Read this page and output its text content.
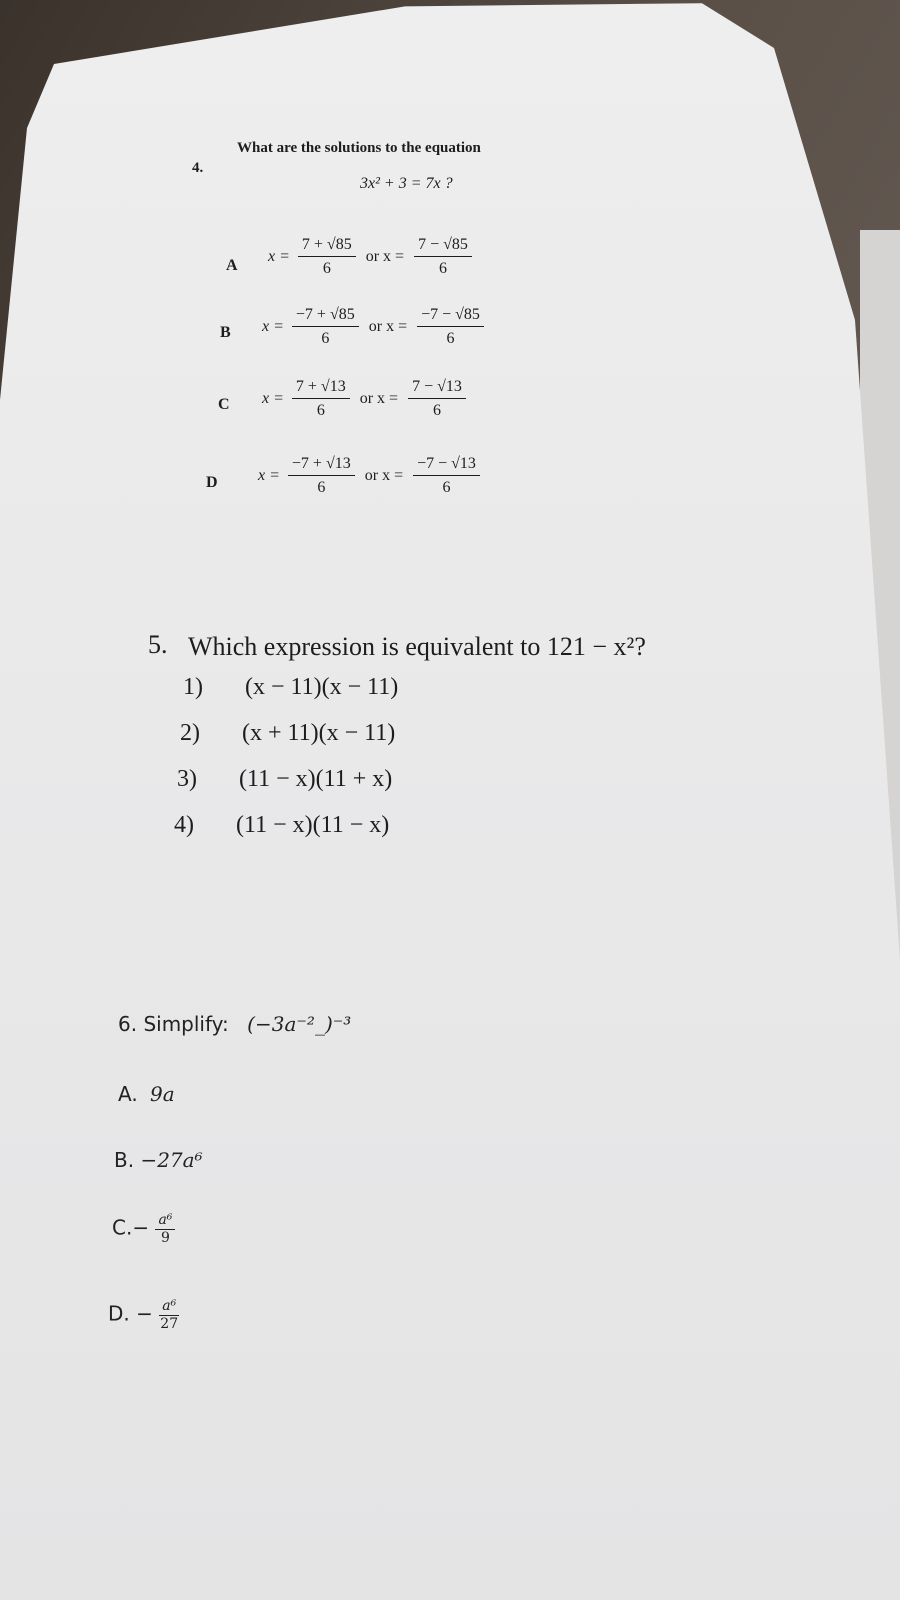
4.
What are the solutions to the equation
3x² + 3 = 7x ?
A
$x = \frac{7 + √85}{6}$ or $x = \frac{7 - √85}{6}$
B $x = \frac{-7 + √85}{6}$ or $x = \frac{-7 - √85}{6}$
C $x = \frac{7 + √13}{6}$ or $x = \frac{7 - √13}{6}$
D	$x = \frac{-7 + √13}{6}$ or $x = \frac{-7 - √13}{6}$
5. Which expression is equivalent to 121 − x²?
1) (x − 11)(x − 11)
2) (x + 11)(x − 11)
3) (11 − x)(11 + x)
4) (11 − x)(11 − x)
6. Simplify: (−3a⁻²_)⁻³
A. 9a
B. −27a⁶
$C.- \frac{\text{a⁶}}{9}$
D. − $\frac{\text{a⁶}}{27}$
